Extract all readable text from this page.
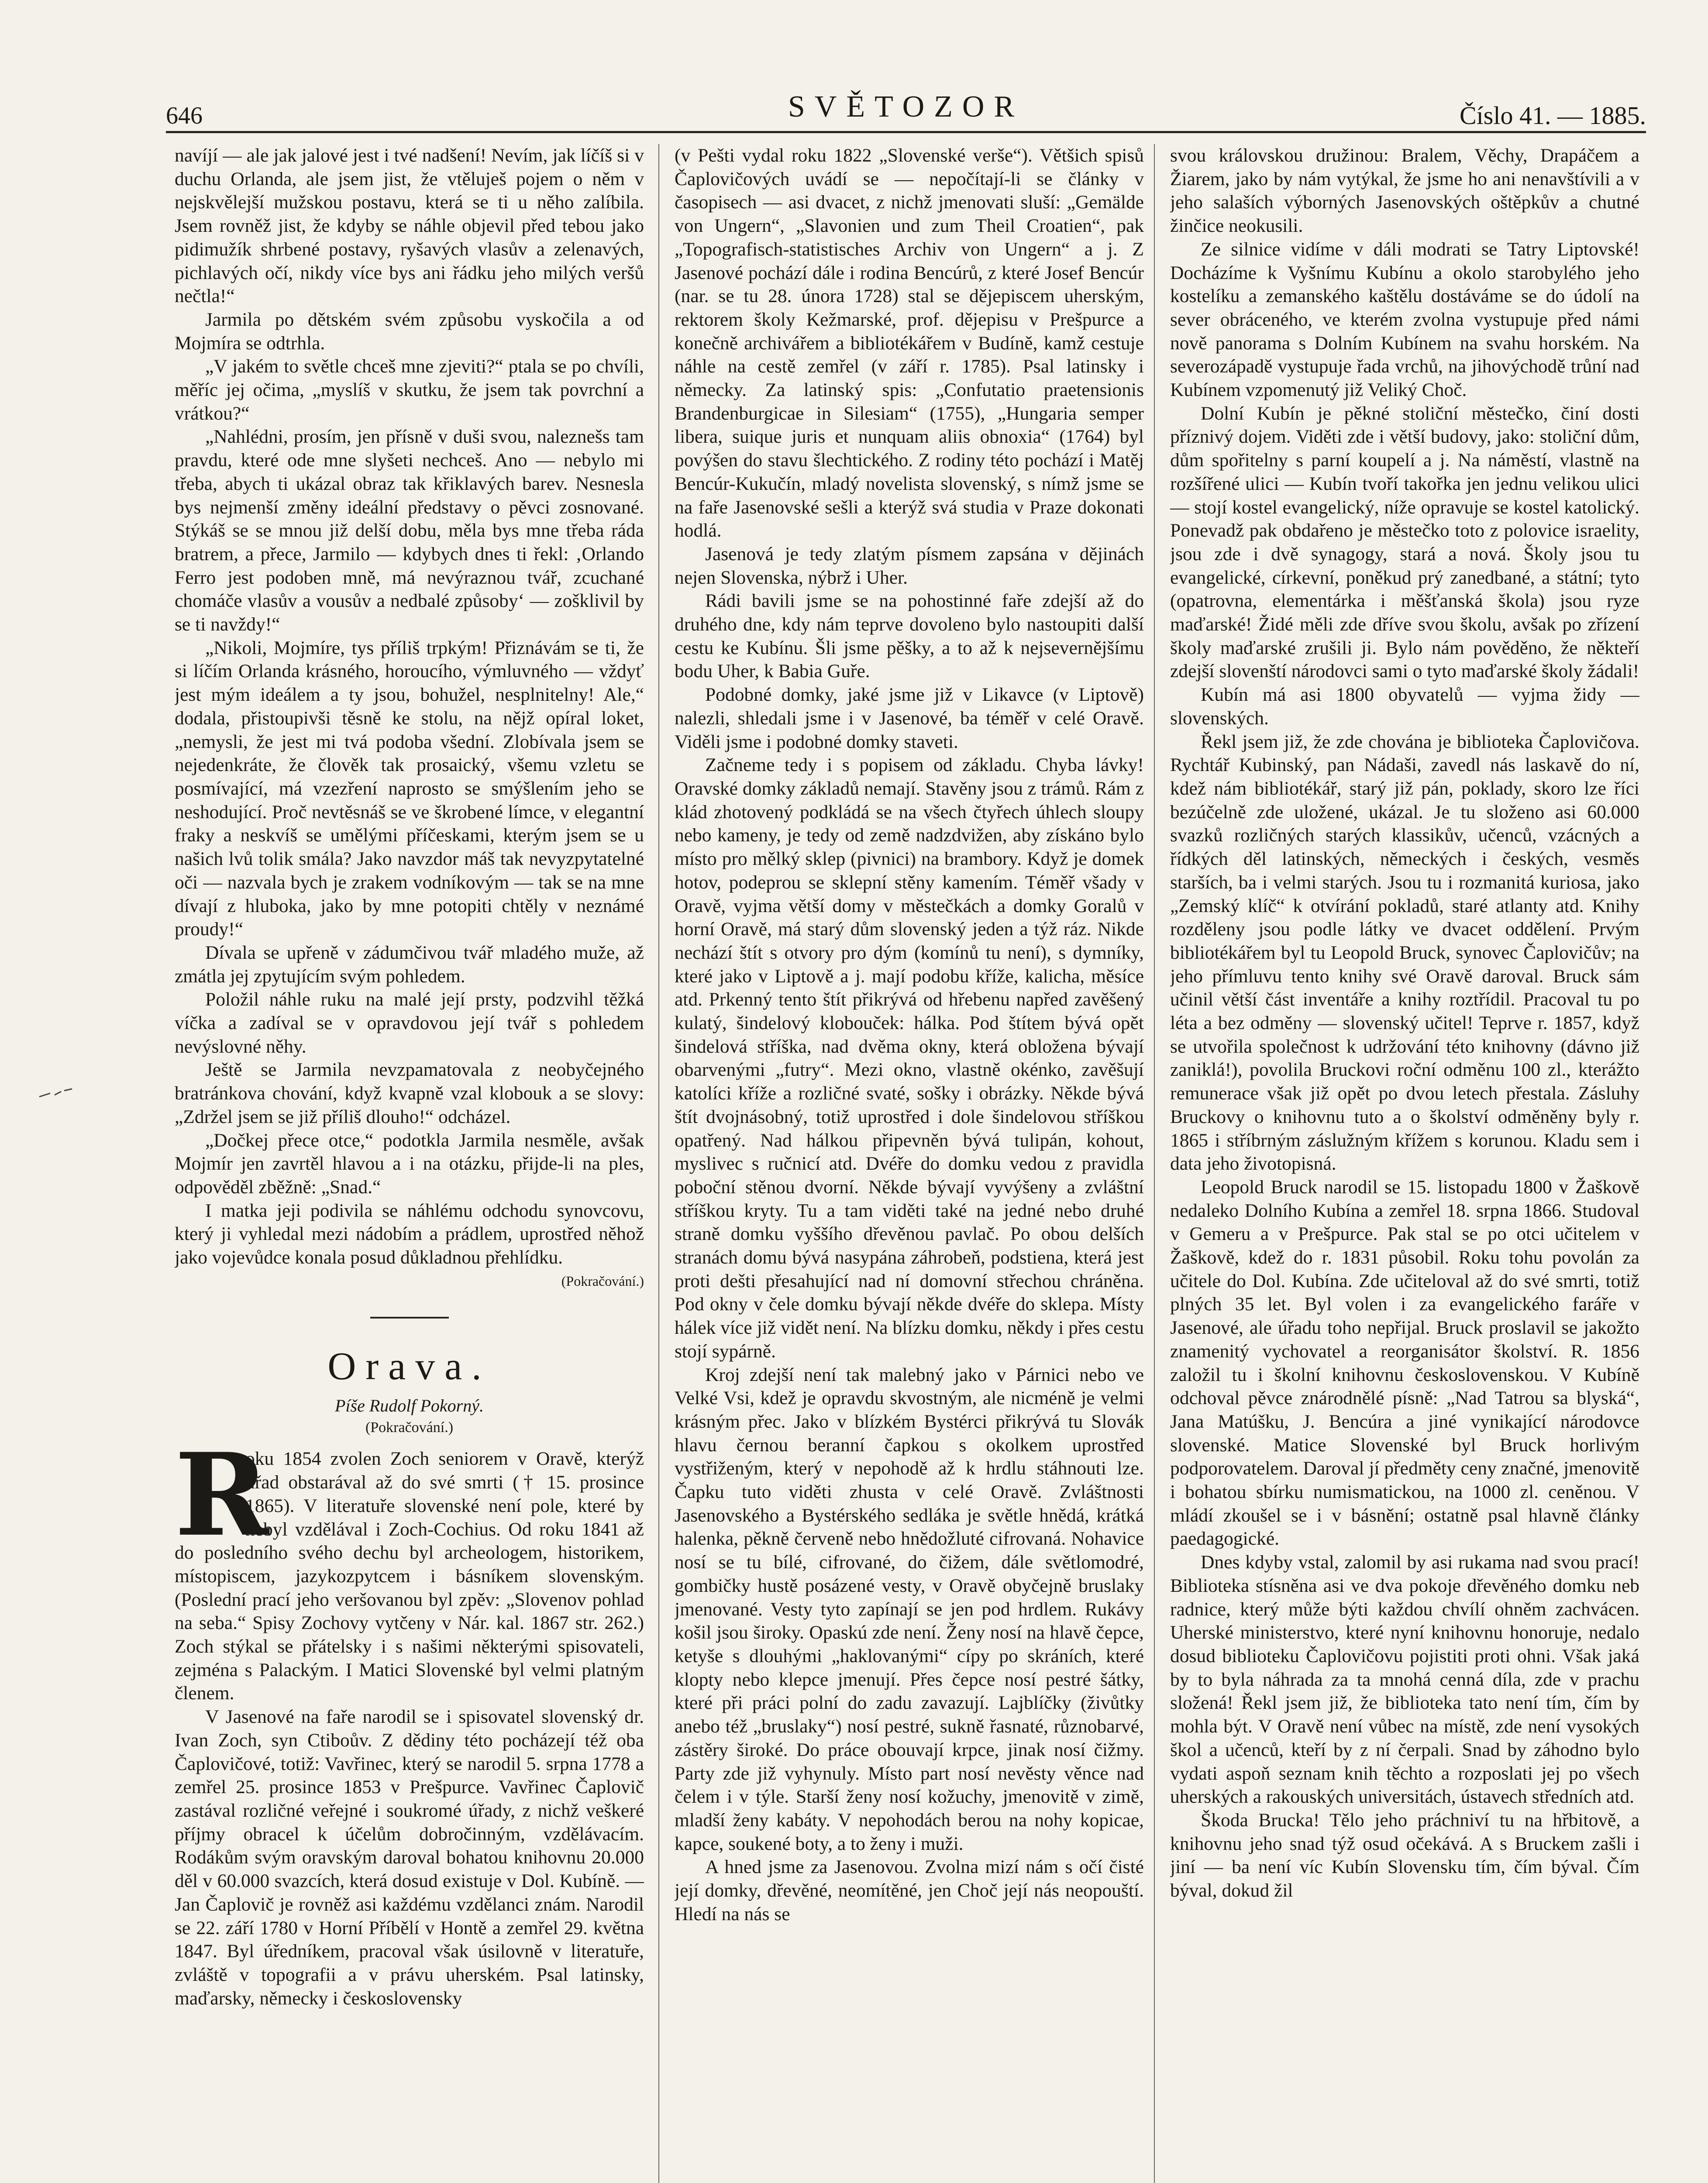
646	SVĚTOZOR	Číslo 41. — 1885.

navíjí — ale jak jalové jest i tvé nadšení! Nevím, jak líčíš si v duchu Orlanda, ale jsem jist, že vtěluješ pojem o něm v nejskvělejší mužskou postavu, která se ti u něho zalíbila. Jsem rovněž jist, že kdyby se náhle objevil před tebou jako pidimužík shrbené postavy, ryšavých vlasův a zelenavých, pichlavých očí, nikdy více bys ani řádku jeho milých veršů nečtla!“

Jarmila po dětském svém způsobu vyskočila a od Mojmíra se odtrhla.

„V jakém to světle chceš mne zjeviti?“ ptala se po chvíli, měříc jej očima, „myslíš v skutku, že jsem tak povrchní a vrátkou?“

„Nahlédni, prosím, jen přísně v duši svou, naleznešs tam pravdu, které ode mne slyšeti nechceš. Ano — nebylo mi třeba, abych ti ukázal obraz tak křiklavých barev. Nesnesla bys nejmenší změny ideální představy o pěvci zosnované. Stýkáš se se mnou již delší dobu, měla bys mne třeba ráda bratrem, a přece, Jarmilo — kdybych dnes ti řekl: ‚Orlando Ferro jest podoben mně, má nevýraznou tvář, zcuchané chomáče vlasův a vousův a nedbalé způsoby‘ — zošklivil by se ti navždy!“

„Nikoli, Mojmíre, tys příliš trpkým! Přiznávám se ti, že si líčím Orlanda krásného, horoucího, výmluvného — vždyť jest mým ideálem a ty jsou, bohužel, nesplnitelny! Ale,“ dodala, přistoupivši těsně ke stolu, na nějž opíral loket, „nemysli, že jest mi tvá podoba všední. Zlobívala jsem se nejedenkráte, že člověk tak prosaický, všemu vzletu se posmívající, má vzezření naprosto se smýšlením jeho se neshodující. Proč nevtěsnáš se ve škrobené límce, v elegantní fraky a neskvíš se umělými příčeskami, kterým jsem se u našich lvů tolik smála? Jako navzdor máš tak nevyzpytatelné oči — nazvala bych je zrakem vodníkovým — tak se na mne dívají z hluboka, jako by mne potopiti chtěly v neznámé proudy!“

Dívala se upřeně v zádumčivou tvář mladého muže, až zmátla jej zpytujícím svým pohledem.

Položil náhle ruku na malé její prsty, podzvihl těžká víčka a zadíval se v opravdovou její tvář s pohledem nevýslovné něhy.

Ještě se Jarmila nevzpamatovala z neobyčejného bratránkova chování, když kvapně vzal klobouk a se slovy: „Zdržel jsem se již příliš dlouho!“ odcházel.

„Dočkej přece otce,“ podotkla Jarmila nesměle, avšak Mojmír jen zavrtěl hlavou a i na otázku, přijde-li na ples, odpověděl zběžně: „Snad.“

I matka jeji podivila se náhlému odchodu synovcovu, který ji vyhledal mezi nádobím a prádlem, uprostřed něhož jako vojevůdce konala posud důkladnou přehlídku.

(Pokračování.)
Orava.
Píše Rudolf Pokorný.
(Pokračování.)

R
oku 1854 zvolen Zoch seniorem v Oravě, kterýž úřad obstarával až do své smrti († 15. prosince 1865). V literatuře slovenské není pole, které by nebyl vzdělával i Zoch-Cochius. Od roku 1841 až do posledního svého dechu byl archeologem, historikem, místopiscem, jazykozpytcem i básníkem slovenským. (Poslední prací jeho veršovanou byl zpěv: „Slovenov pohlad na seba.“ Spisy Zochovy vytčeny v Nár. kal. 1867 str. 262.) Zoch stýkal se přátelsky i s našimi některými spisovateli, zejména s Palackým. I Matici Slovenské byl velmi platným členem.

V Jasenové na faře narodil se i spisovatel slovenský dr. Ivan Zoch, syn Ctiboův. Z dědiny této pocházejí též oba Čaplovičové, totiž: Vavřinec, který se narodil 5. srpna 1778 a zemřel 25. prosince 1853 v Prešpurce. Vavřinec Čaplovič zastával rozličné veřejné i soukromé úřady, z nichž veškeré příjmy obracel k účelům dobročinným, vzdělávacím. Rodákům svým oravským daroval bohatou knihovnu 20.000 děl v 60.000 svazcích, která dosud existuje v Dol. Kubíně. — Jan Čaplovič je rovněž asi každému vzdělanci znám. Narodil se 22. září 1780 v Horní Příbělí v Hontě a zemřel 29. května 1847. Byl úředníkem, pracoval však úsilovně v literatuře, zvláště v topografii a v právu uherském. Psal latinsky, maďarsky, německy i československy

(v Pešti vydal roku 1822 „Slovenské verše“). Většich spisů Čaplovičových uvádí se — nepočítají-li se články v časopisech — asi dvacet, z nichž jmenovati sluší: „Gemälde von Ungern“, „Slavonien und zum Theil Croatien“, pak „Topografisch-statistisches Archiv von Ungern“ a j. Z Jasenové pochází dále i rodina Bencúrů, z které Josef Bencúr (nar. se tu 28. února 1728) stal se dějepiscem uherským, rektorem školy Kežmarské, prof. dějepisu v Prešpurce a konečně archivářem a bibliotékářem v Budíně, kamž cestuje náhle na cestě zemřel (v září r. 1785). Psal latinsky i německy. Za latinský spis: „Confutatio praetensionis Brandenburgicae in Silesiam“ (1755), „Hungaria semper libera, suique juris et nunquam aliis obnoxia“ (1764) byl povýšen do stavu šlechtického. Z rodiny této pochází i Matěj Bencúr-Kukučín, mladý novelista slovenský, s nímž jsme se na faře Jasenovské sešli a kterýž svá studia v Praze dokonati hodlá.

Jasenová je tedy zlatým písmem zapsána v dějinách nejen Slovenska, nýbrž i Uher.

Rádi bavili jsme se na pohostinné faře zdejší až do druhého dne, kdy nám teprve dovoleno bylo nastoupiti další cestu ke Kubínu. Šli jsme pěšky, a to až k nejsevernějšímu bodu Uher, k Babia Guře.

Podobné domky, jaké jsme již v Likavce (v Liptově) nalezli, shledali jsme i v Jasenové, ba téměř v celé Oravě. Viděli jsme i podobné domky staveti.

Začneme tedy i s popisem od základu. Chyba lávky! Oravské domky základů nemají. Stavěny jsou z trámů. Rám z klád zhotovený podkládá se na všech čtyřech úhlech sloupy nebo kameny, je tedy od země nadzdvižen, aby získáno bylo místo pro mělký sklep (pivnici) na brambory. Když je domek hotov, podeprou se sklepní stěny kamením. Téměř všady v Oravě, vyjma větší domy v městečkách a domky Goralů v horní Oravě, má starý dům slovenský jeden a týž ráz. Nikde nechází štít s otvory pro dým (komínů tu není), s dymníky, které jako v Liptově a j. mají podobu kříže, kalicha, měsíce atd. Prkenný tento štít přikrývá od hřebenu napřed zavěšený kulatý, šindelový klobouček: hálka. Pod štítem bývá opět šindelová stříška, nad dvěma okny, která obložena bývají obarvenými „futry“. Mezi okno, vlastně okénko, zavěšují katolíci kříže a rozličné svaté, sošky i obrázky. Někde bývá štít dvojnásobný, totiž uprostřed i dole šindelovou stříškou opatřený. Nad hálkou připevněn bývá tulipán, kohout, myslivec s ručnicí atd. Dvéře do domku vedou z pravidla poboční stěnou dvorní. Někde bývají vyvýšeny a zvláštní stříškou kryty. Tu a tam viděti také na jedné nebo druhé straně domku vyššího dřevěnou pavlač. Po obou delších stranách domu bývá nasypána záhrobeň, podstiena, která jest proti dešti přesahující nad ní domovní střechou chráněna. Pod okny v čele domku bývají někde dvéře do sklepa. Místy hálek více již vidět není. Na blízku domku, někdy i přes cestu stojí sypárně.

Kroj zdejší není tak malebný jako v Párnici nebo ve Velké Vsi, kdež je opravdu skvostným, ale nicméně je velmi krásným přec. Jako v blízkém Bystérci přikrývá tu Slovák hlavu černou beranní čapkou s okolkem uprostřed vystřiženým, který v nepohodě až k hrdlu stáhnouti lze. Čapku tuto viděti zhusta v celé Oravě. Zvláštnosti Jasenovského a Bystérského sedláka je světle hnědá, krátká halenka, pěkně červeně nebo hnědožluté cifrovaná. Nohavice nosí se tu bílé, cifrované, do čižem, dále světlomodré, gombičky hustě posázené vesty, v Oravě obyčejně bruslaky jmenované. Vesty tyto zapínají se jen pod hrdlem. Rukávy košil jsou široky. Opaskú zde není. Ženy nosí na hlavě čepce, ketyše s dlouhými „haklovanými“ cípy po skráních, které klopty nebo klepce jmenují. Přes čepce nosí pestré šátky, které při práci polní do zadu zavazují. Lajblíčky (živůtky anebo též „bruslaky“) nosí pestré, sukně řasnaté, různobarvé, zástěry široké. Do práce obouvají krpce, jinak nosí čižmy. Party zde již vyhynuly. Místo part nosí nevěsty věnce nad čelem i v týle. Starší ženy nosí kožuchy, jmenovitě v zimě, mladší ženy kabáty. V nepohodách berou na nohy kopicae, kapce, soukené boty, a to ženy i muži.

A hned jsme za Jasenovou. Zvolna mizí nám s očí čisté její domky, dřevěné, neomítěné, jen Choč její nás neopouští. Hledí na nás se

svou královskou družinou: Bralem, Věchy, Drapáčem a Žiarem, jako by nám vytýkal, že jsme ho ani nenavštívili a v jeho salaších výborných Jasenovských oštěpkův a chutné žinčice neokusili.

Ze silnice vidíme v dáli modrati se Tatry Liptovské! Docházíme k Vyšnímu Kubínu a okolo starobylého jeho kostelíku a zemanského kaštělu dostáváme se do údolí na sever obráceného, ve kterém zvolna vystupuje před námi nově panorama s Dolním Kubínem na svahu horském. Na severozápadě vystupuje řada vrchů, na jihovýchodě trůní nad Kubínem vzpomenutý již Veliký Choč.

Dolní Kubín je pěkné stoliční městečko, činí dosti příznivý dojem. Viděti zde i větší budovy, jako: stoliční dům, dům spořitelny s parní koupelí a j. Na náměstí, vlastně na rozšířené ulici — Kubín tvoří takořka jen jednu velikou ulici — stojí kostel evangelický, níže opravuje se kostel katolický. Ponevadž pak obdařeno je městečko toto z polovice israelity, jsou zde i dvě synagogy, stará a nová. Školy jsou tu evangelické, církevní, poněkud prý zanedbané, a státní; tyto (opatrovna, elementárka i měšťanská škola) jsou ryze maďarské! Židé měli zde dříve svou školu, avšak po zřízení školy maďarské zrušili ji. Bylo nám pověděno, že někteří zdejší slovenští národovci sami o tyto maďarské školy žádali!

Kubín má asi 1800 obyvatelů — vyjma židy — slovenských.

Řekl jsem již, že zde chována je biblioteka Čaplovičova. Rychtář Kubinský, pan Nádaši, zavedl nás laskavě do ní, kdež nám bibliotékář, starý již pán, poklady, skoro lze říci bezúčelně zde uložené, ukázal. Je tu složeno asi 60.000 svazků rozličných starých klassikův, učenců, vzácných a řídkých děl latinských, německých i českých, vesměs starších, ba i velmi starých. Jsou tu i rozmanitá kuriosa, jako „Zemský klíč“ k otvírání pokladů, staré atlanty atd. Knihy rozděleny jsou podle látky ve dvacet oddělení. Prvým bibliotékářem byl tu Leopold Bruck, synovec Čaplovičův; na jeho přímluvu tento knihy své Oravě daroval. Bruck sám učinil větší část inventáře a knihy roztřídil. Pracoval tu po léta a bez odměny — slovenský učitel! Teprve r. 1857, když se utvořila společnost k udržování této knihovny (dávno již zaniklá!), povolila Bruckovi roční odměnu 100 zl., kterážto remunerace však již opět po dvou letech přestala. Zásluhy Bruckovy o knihovnu tuto a o školství odměněny byly r. 1865 i stříbrným záslužným křížem s korunou. Kladu sem i data jeho životopisná.

Leopold Bruck narodil se 15. listopadu 1800 v Žaškově nedaleko Dolního Kubína a zemřel 18. srpna 1866. Studoval v Gemeru a v Prešpurce. Pak stal se po otci učitelem v Žaškově, kdež do r. 1831 působil. Roku tohu povolán za učitele do Dol. Kubína. Zde učiteloval až do své smrti, totiž plných 35 let. Byl volen i za evangelického faráře v Jasenové, ale úřadu toho nepřijal. Bruck proslavil se jakožto znamenitý vychovatel a reorganisátor školství. R. 1856 založil tu i školní knihovnu československou. V Kubíně odchoval pěvce znárodnělé písně: „Nad Tatrou sa blyská“, Jana Matúšku, J. Bencúra a jiné vynikající národovce slovenské. Matice Slovenské byl Bruck horlivým podporovatelem. Daroval jí předměty ceny značné, jmenovitě i bohatou sbírku numismatickou, na 1000 zl. ceněnou. V mládí zkoušel se i v básnění; ostatně psal hlavně články paedagogické.

Dnes kdyby vstal, zalomil by asi rukama nad svou prací! Biblioteka stísněna asi ve dva pokoje dřevěného domku neb radnice, který může býti každou chvílí ohněm zachvácen. Uherské ministerstvo, které nyní knihovnu honoruje, nedalo dosud biblioteku Čaplovičovu pojistiti proti ohni. Však jaká by to byla náhrada za ta mnohá cenná díla, zde v prachu složená! Řekl jsem již, že biblioteka tato není tím, čím by mohla být. V Oravě není vůbec na místě, zde není vysokých škol a učenců, kteří by z ní čerpali. Snad by záhodno bylo vydati aspoň seznam knih těchto a rozposlati jej po všech uherských a rakouských universitách, ústavech středních atd.

Škoda Brucka! Tělo jeho práchniví tu na hřbitově, a knihovnu jeho snad týž osud očekává. A s Bruckem zašli i jiní — ba není víc Kubín Slovensku tím, čím býval. Čím býval, dokud žil
